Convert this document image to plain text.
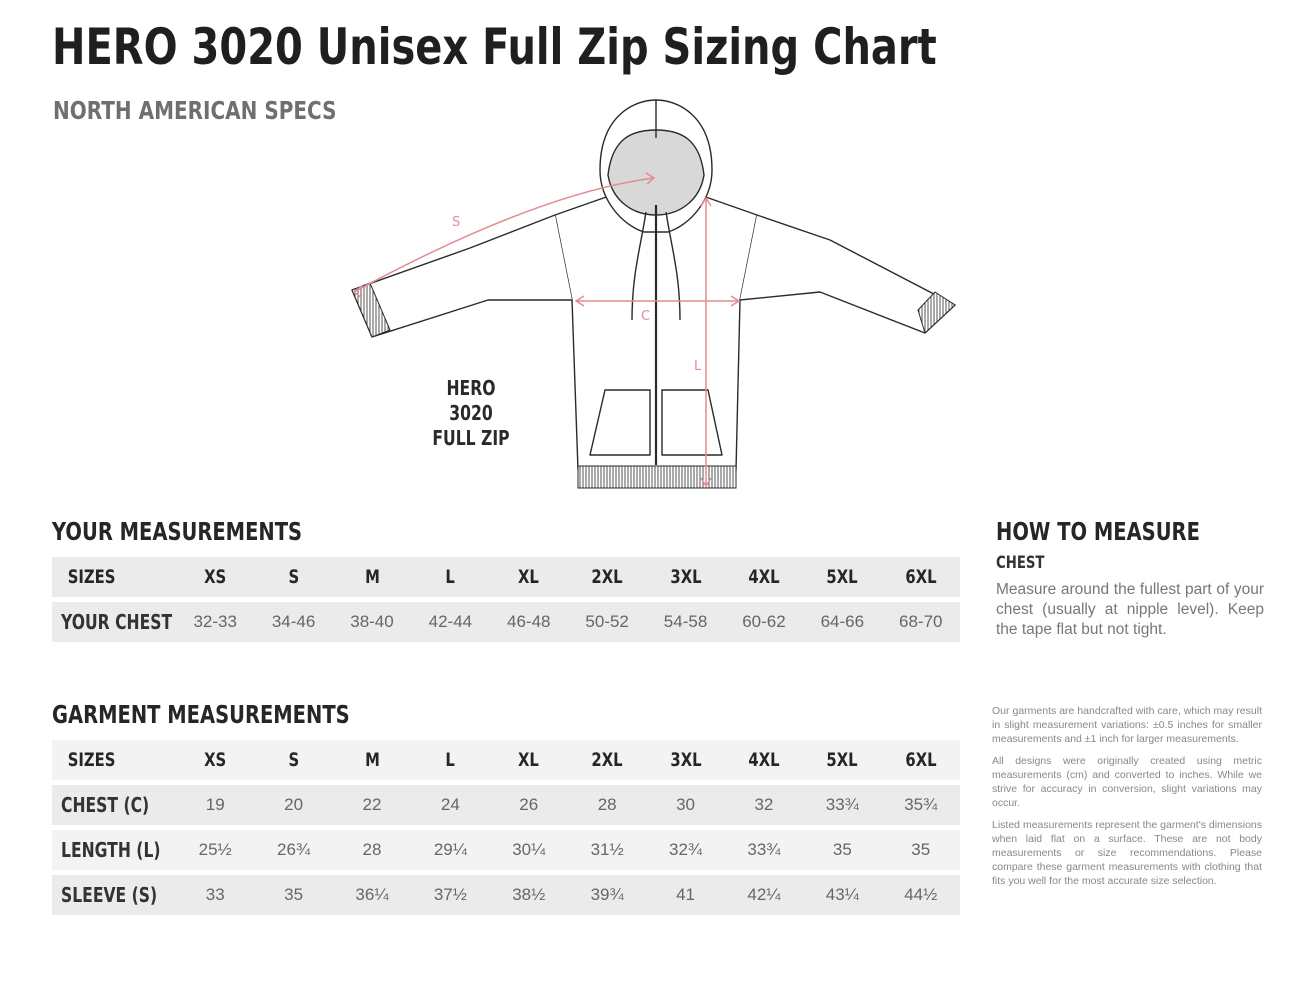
HERO 3020 Unisex Full Zip Sizing Chart
NORTH AMERICAN SPECS
S
C
L
HERO 3020
FULL ZIP
YOUR MEASUREMENTS
SIZES	XS	S	M	L	XL	2XL	3XL	4XL	5XL	6XL
YOUR CHEST	32-33	34-46	38-40	42-44	46-48	50-52	54-58	60-62	64-66	68-70
GARMENT MEASUREMENTS
SIZES	XS	S	M	L	XL	2XL	3XL	4XL	5XL	6XL
CHEST (C)	19	20	22	24	26	28	30	32	33¾	35¾
LENGTH (L)	25½	26¾	28	29¼	30¼	31½	32¾	33¾	35	35
SLEEVE (S)	33	35	36¼	37½	38½	39¾	41	42¼	43¼	44½
HOW TO MEASURE
CHEST
Measure around the fullest part of your chest (usually at nipple level). Keep the tape flat but not tight.

Our garments are handcrafted with care, which may result in slight measurement variations: ±0.5 inches for smaller measurements and ±1 inch for larger measurements.

All designs were originally created using metric measurements (cm) and converted to inches. While we strive for accuracy in conversion, slight variations may occur.

Listed measurements represent the garment's dimensions when laid flat on a surface. These are not body measurements or size recommendations. Please compare these garment measurements with clothing that fits you well for the most accurate size selection.
